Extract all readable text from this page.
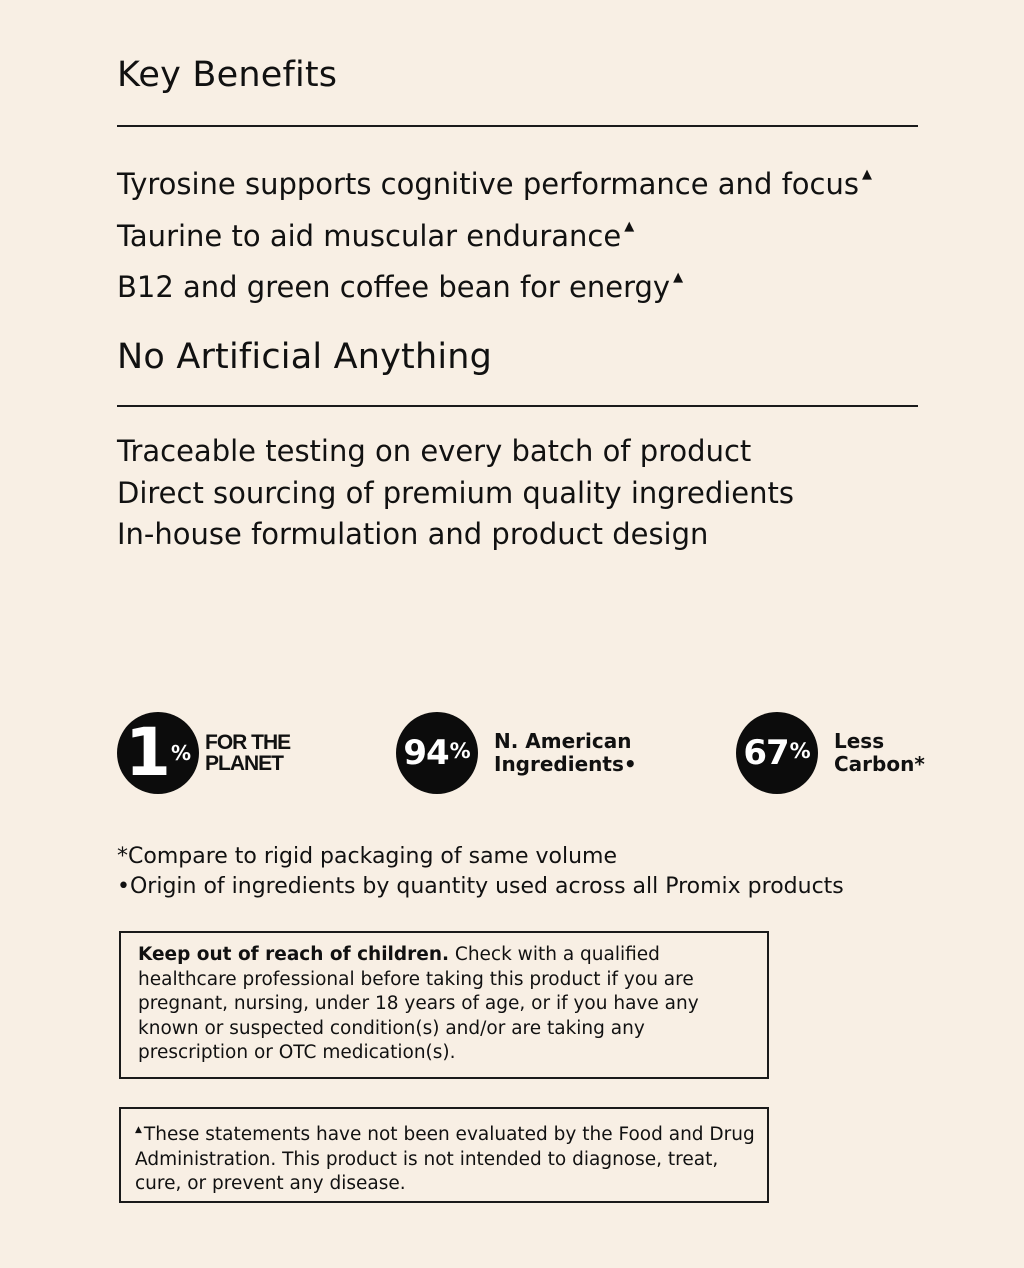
Key Benefits
Tyrosine supports cognitive performance and focus ▲
Taurine to aid muscular endurance ▲
B12 and green coffee bean for energy ▲
No Artificial Anything
Traceable testing on every batch of product
Direct sourcing of premium quality ingredients
In-house formulation and product design
1 % FOR THE
PLANET	94 % N. American
Ingredients•	67 % Less
Carbon*
*Compare to rigid packaging of same volume
•Origin of ingredients by quantity used across all Promix products

Keep out of reach of children. Check with a qualified healthcare professional before taking this product if you are pregnant, nursing, under 18 years of age, or if you have any known or suspected condition(s) and/or are taking any prescription or OTC medication(s).

▲ These statements have not been evaluated by the Food and Drug Administration. This product is not intended to diagnose, treat, cure, or prevent any disease.
